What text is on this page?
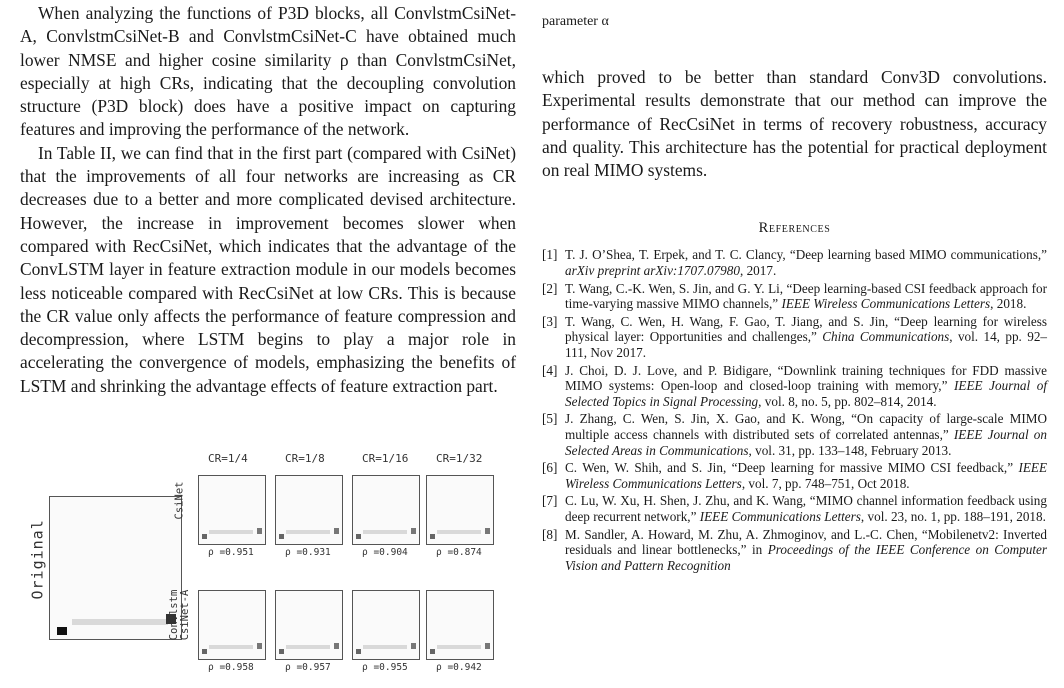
When analyzing the functions of P3D blocks, all ConvlstmCsiNet-A, ConvlstmCsiNet-B and ConvlstmCsiNet-C have obtained much lower NMSE and higher cosine similarity ρ than ConvlstmCsiNet, especially at high CRs, indicating that the decoupling convolution structure (P3D block) does have a positive impact on capturing features and improving the performance of the network.

In Table II, we can find that in the first part (compared with CsiNet) that the improvements of all four networks are increasing as CR decreases due to a better and more complicated devised architecture. However, the increase in improvement becomes slower when compared with RecCsiNet, which indicates that the advantage of the ConvLSTM layer in feature extraction module in our models becomes less noticeable compared with RecCsiNet at low CRs. This is because the CR value only affects the performance of feature compression and decompression, where LSTM begins to play a major role in accelerating the convergence of models, emphasizing the benefits of LSTM and shrinking the advantage effects of feature extraction part.

Original
CR=1/4	CR=1/8	CR=1/16	CR=1/32
CsiNet
ρ =0.951	ρ =0.931	ρ =0.904	ρ =0.874
Convlstm CsiNet-A
ρ =0.958	ρ =0.957	ρ =0.955	ρ =0.942

parameter α

which proved to be better than standard Conv3D convolutions. Experimental results demonstrate that our method can improve the performance of RecCsiNet in terms of recovery robustness, accuracy and quality. This architecture has the potential for practical deployment on real MIMO systems.

References
[1] T. J. O’Shea, T. Erpek, and T. C. Clancy, “Deep learning based MIMO communications,” arXiv preprint arXiv:1707.07980, 2017.
[2] T. Wang, C.-K. Wen, S. Jin, and G. Y. Li, “Deep learning-based CSI feedback approach for time-varying massive MIMO channels,” IEEE Wireless Communications Letters, 2018.
[3] T. Wang, C. Wen, H. Wang, F. Gao, T. Jiang, and S. Jin, “Deep learning for wireless physical layer: Opportunities and challenges,” China Communications, vol. 14, pp. 92–111, Nov 2017.
[4] J. Choi, D. J. Love, and P. Bidigare, “Downlink training techniques for FDD massive MIMO systems: Open-loop and closed-loop training with memory,” IEEE Journal of Selected Topics in Signal Processing, vol. 8, no. 5, pp. 802–814, 2014.
[5] J. Zhang, C. Wen, S. Jin, X. Gao, and K. Wong, “On capacity of large-scale MIMO multiple access channels with distributed sets of correlated antennas,” IEEE Journal on Selected Areas in Communications, vol. 31, pp. 133–148, February 2013.
[6] C. Wen, W. Shih, and S. Jin, “Deep learning for massive MIMO CSI feedback,” IEEE Wireless Communications Letters, vol. 7, pp. 748–751, Oct 2018.
[7] C. Lu, W. Xu, H. Shen, J. Zhu, and K. Wang, “MIMO channel information feedback using deep recurrent network,” IEEE Communications Letters, vol. 23, no. 1, pp. 188–191, 2018.
[8] M. Sandler, A. Howard, M. Zhu, A. Zhmoginov, and L.-C. Chen, “Mobilenetv2: Inverted residuals and linear bottlenecks,” in Proceedings of the IEEE Conference on Computer Vision and Pattern Recognition
